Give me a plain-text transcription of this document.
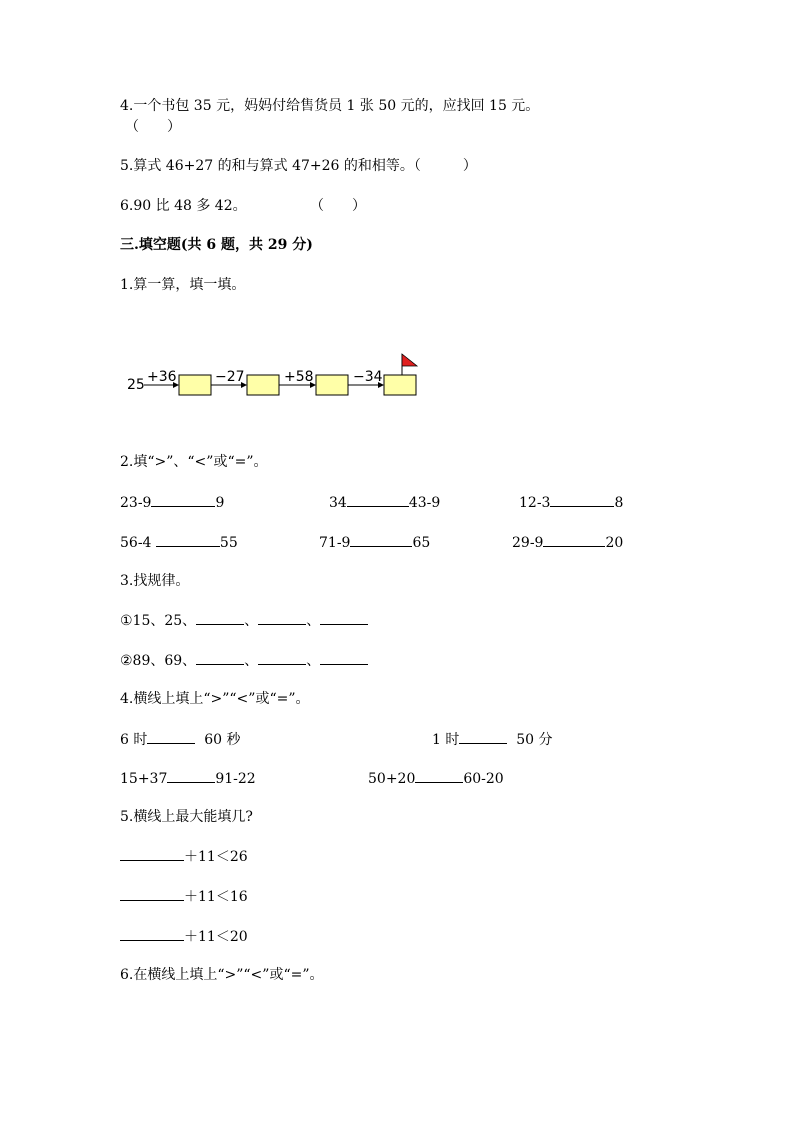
4.一个书包 35 元，妈妈付给售货员 1 张 50 元的，应找回 15 元。
（　　）
5.算式 46+27 的和与算式 47+26 的和相等。（　　　）
6.90 比 48 多 42。	（　　）
三.填空题(共 6 题，共 29 分)
1.算一算，填一填。
25 +36	−27	+58	−34
2.填“>”、“<”或“=”。
23-9	9	34	43-9	12-3	8
56-4	55	71-9	65	29-9	20
3.找规律。
①15、25、	、	、
②89、69、	、	、
4.横线上填上“>”“<”或“=”。
6 时	60 秒	1 时	50 分
15+37	91-22	50+20	60-20
5.横线上最大能填几?
＋11＜26
＋11＜16
＋11＜20
6.在横线上填上“>”“<”或“=”。
